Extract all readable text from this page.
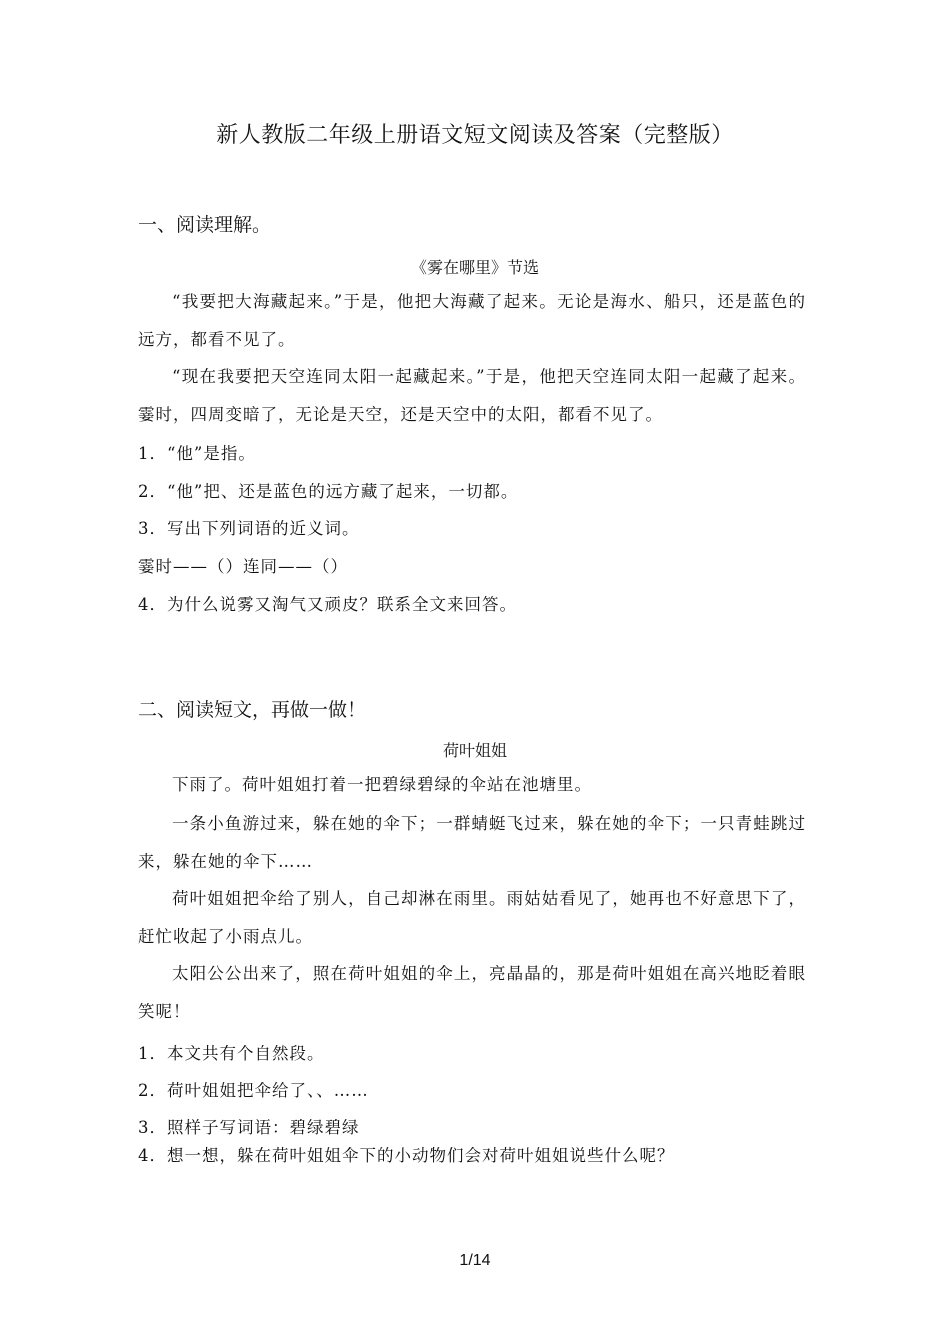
新人教版二年级上册语文短文阅读及答案（完整版）
一、阅读理解。
《雾在哪里》节选
“我要把大海藏起来。”于是，他把大海藏了起来。无论是海水、船只，还是蓝色的远方，都看不见了。
“现在我要把天空连同太阳一起藏起来。”于是，他把天空连同太阳一起藏了起来。霎时，四周变暗了，无论是天空，还是天空中的太阳，都看不见了。
1．“他”是指。
2．“他”把、还是蓝色的远方藏了起来，一切都。
3．写出下列词语的近义词。
霎时——（）连同——（）
4．为什么说雾又淘气又顽皮？联系全文来回答。
二、阅读短文，再做一做！
荷叶姐姐
下雨了。荷叶姐姐打着一把碧绿碧绿的伞站在池塘里。
一条小鱼游过来，躲在她的伞下；一群蜻蜓飞过来，躲在她的伞下；一只青蛙跳过来，躲在她的伞下……
荷叶姐姐把伞给了别人，自己却淋在雨里。雨姑姑看见了，她再也不好意思下了，赶忙收起了小雨点儿。
太阳公公出来了，照在荷叶姐姐的伞上，亮晶晶的，那是荷叶姐姐在高兴地眨着眼笑呢！
1．本文共有个自然段。
2．荷叶姐姐把伞给了、、……
3．照样子写词语：碧绿碧绿
4．想一想，躲在荷叶姐姐伞下的小动物们会对荷叶姐姐说些什么呢？
1/14
